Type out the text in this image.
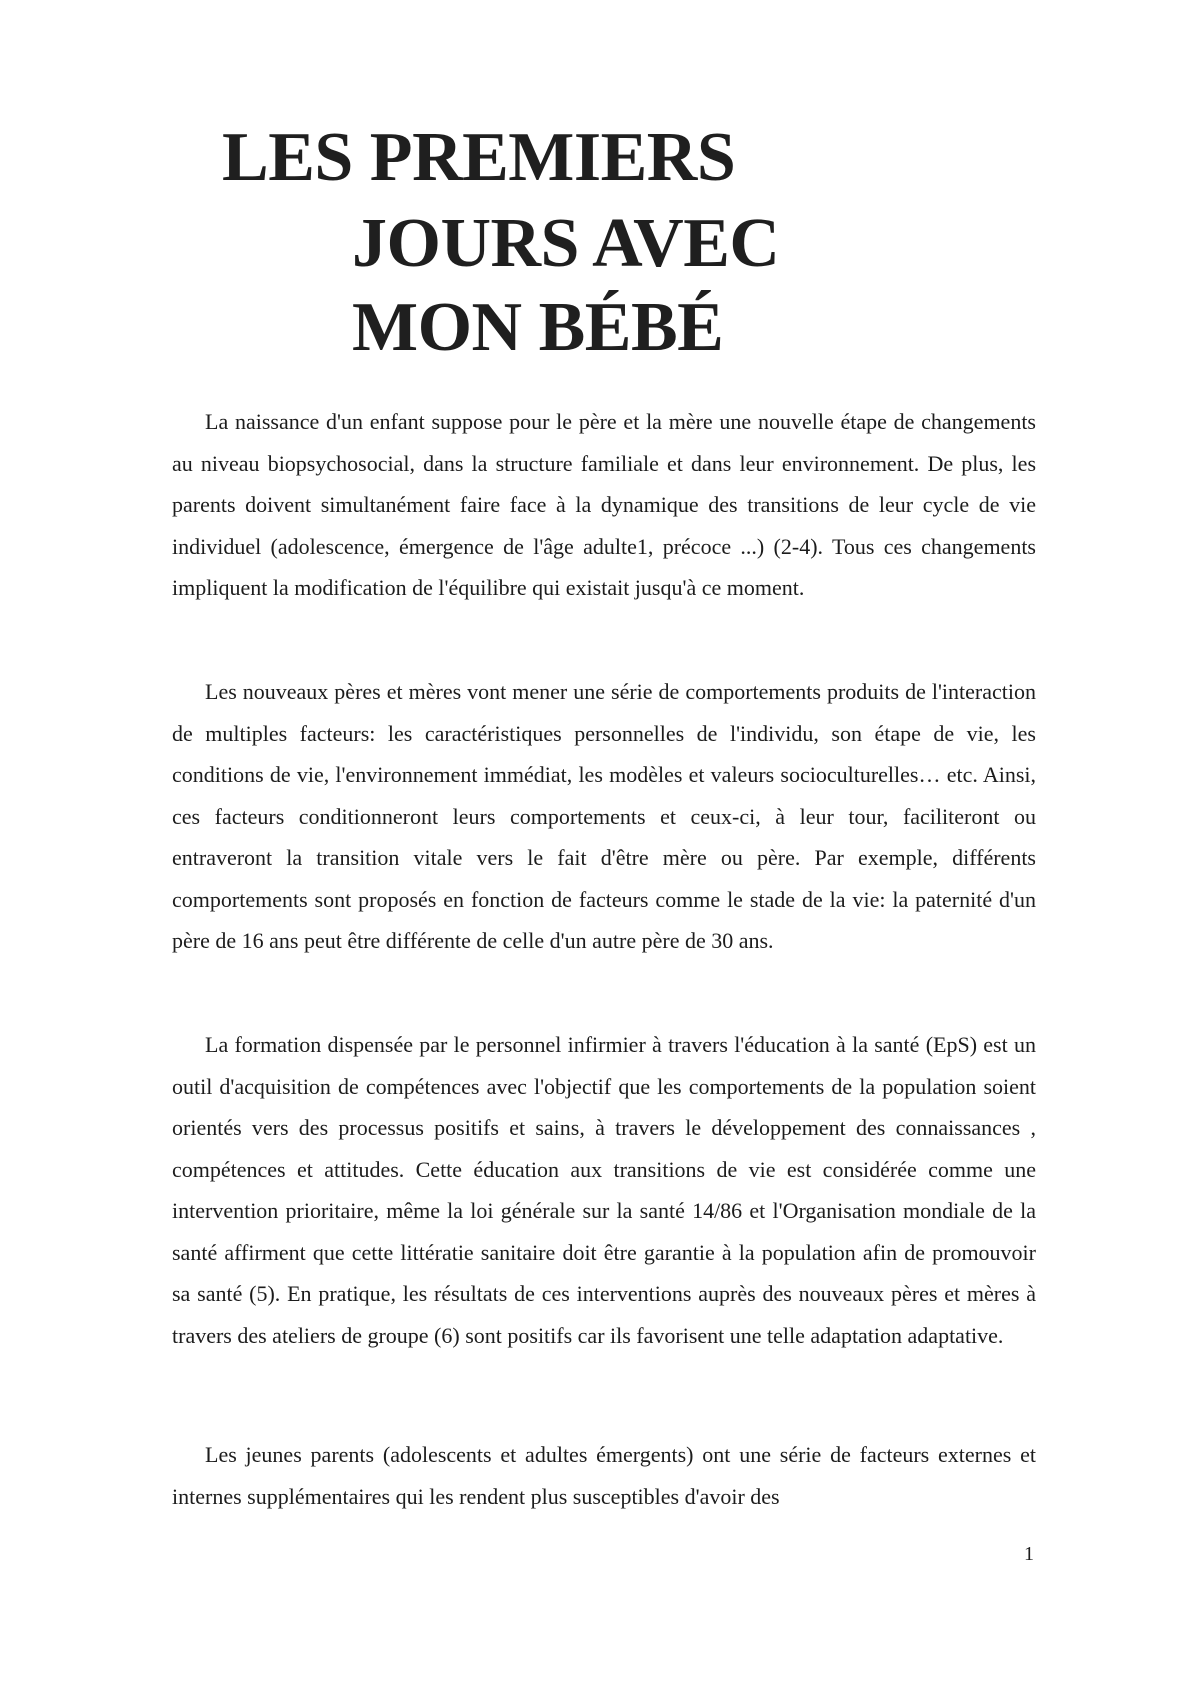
LES PREMIERS
JOURS AVEC
MON BÉBÉ

La naissance d'un enfant suppose pour le père et la mère une nouvelle étape de changements au niveau biopsychosocial, dans la structure familiale et dans leur environnement. De plus, les parents doivent simultanément faire face à la dynamique des transitions de leur cycle de vie individuel (adolescence, émergence de l'âge adulte1, précoce ...) (2-4). Tous ces changements impliquent la modification de l'équilibre qui existait jusqu'à ce moment.

Les nouveaux pères et mères vont mener une série de comportements produits de l'interaction de multiples facteurs: les caractéristiques personnelles de l'individu, son étape de vie, les conditions de vie, l'environnement immédiat, les modèles et valeurs socioculturelles… etc. Ainsi, ces facteurs conditionneront leurs comportements et ceux-ci, à leur tour, faciliteront ou entraveront la transition vitale vers le fait d'être mère ou père. Par exemple, différents comportements sont proposés en fonction de facteurs comme le stade de la vie: la paternité d'un père de 16 ans peut être différente de celle d'un autre père de 30 ans.

La formation dispensée par le personnel infirmier à travers l'éducation à la santé (EpS) est un outil d'acquisition de compétences avec l'objectif que les comportements de la population soient orientés vers des processus positifs et sains, à travers le développement des connaissances , compétences et attitudes. Cette éducation aux transitions de vie est considérée comme une intervention prioritaire, même la loi générale sur la santé 14/86 et l'Organisation mondiale de la santé affirment que cette littératie sanitaire doit être garantie à la population afin de promouvoir sa santé (5). En pratique, les résultats de ces interventions auprès des nouveaux pères et mères à travers des ateliers de groupe (6) sont positifs car ils favorisent une telle adaptation adaptative.

Les jeunes parents (adolescents et adultes émergents) ont une série de facteurs externes et internes supplémentaires qui les rendent plus susceptibles d'avoir des

1
